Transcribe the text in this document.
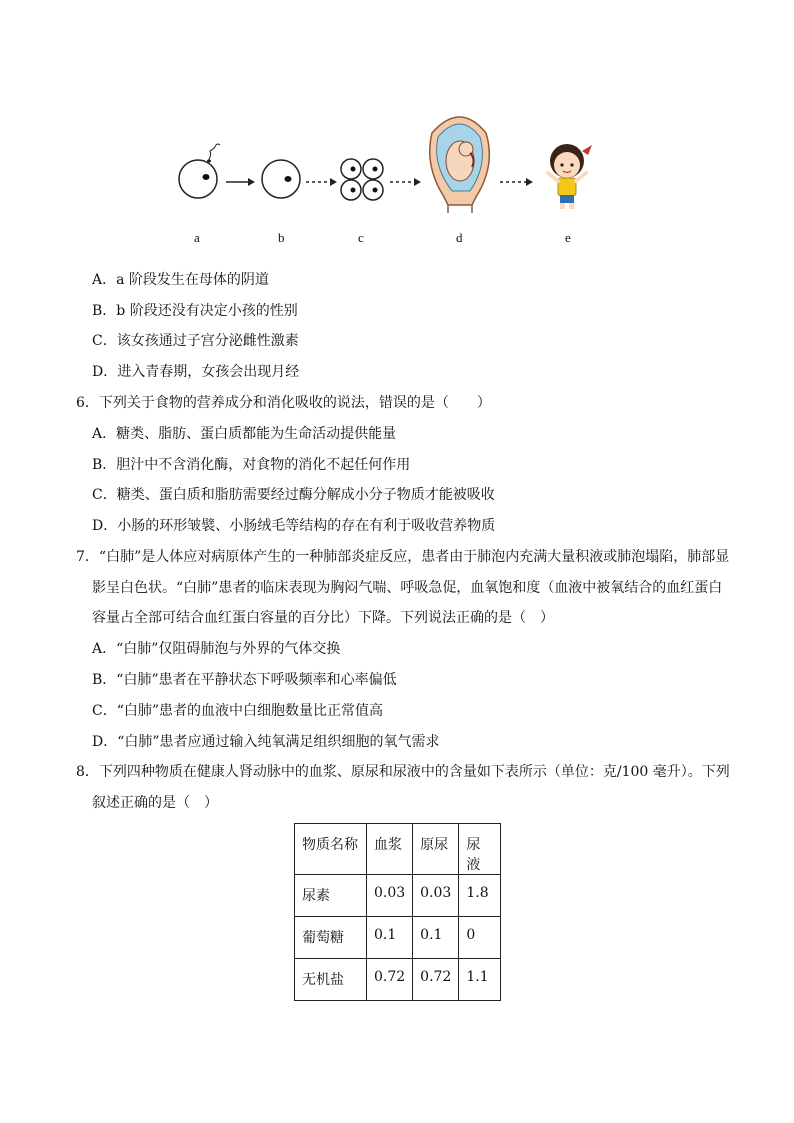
a	b	c	d	e
A．a 阶段发生在母体的阴道
B．b 阶段还没有决定小孩的性别
C．该女孩通过子宫分泌雌性激素
D．进入青春期，女孩会出现月经
6．下列关于食物的营养成分和消化吸收的说法，错误的是（　　）
A．糖类、脂肪、蛋白质都能为生命活动提供能量
B．胆汁中不含消化酶，对食物的消化不起任何作用
C．糖类、蛋白质和脂肪需要经过酶分解成小分子物质才能被吸收
D．小肠的环形皱襞、小肠绒毛等结构的存在有利于吸收营养物质
7．“白肺”是人体应对病原体产生的一种肺部炎症反应，患者由于肺泡内充满大量积液或肺泡塌陷，肺部显
影呈白色状。“白肺”患者的临床表现为胸闷气喘、呼吸急促，血氧饱和度（血液中被氧结合的血红蛋白
容量占全部可结合血红蛋白容量的百分比）下降。下列说法正确的是（　）
A．“白肺”仅阻碍肺泡与外界的气体交换
B．“白肺”患者在平静状态下呼吸频率和心率偏低
C．“白肺”患者的血液中白细胞数量比正常值高
D．“白肺”患者应通过输入纯氧满足组织细胞的氧气需求
8．下列四种物质在健康人肾动脉中的血浆、原尿和尿液中的含量如下表所示（单位：克/100 毫升）。下列
叙述正确的是（　）
物质名称	血浆	原尿	尿液
尿素	0.03	0.03	1.8
葡萄糖	0.1	0.1	0
无机盐	0.72	0.72	1.1
